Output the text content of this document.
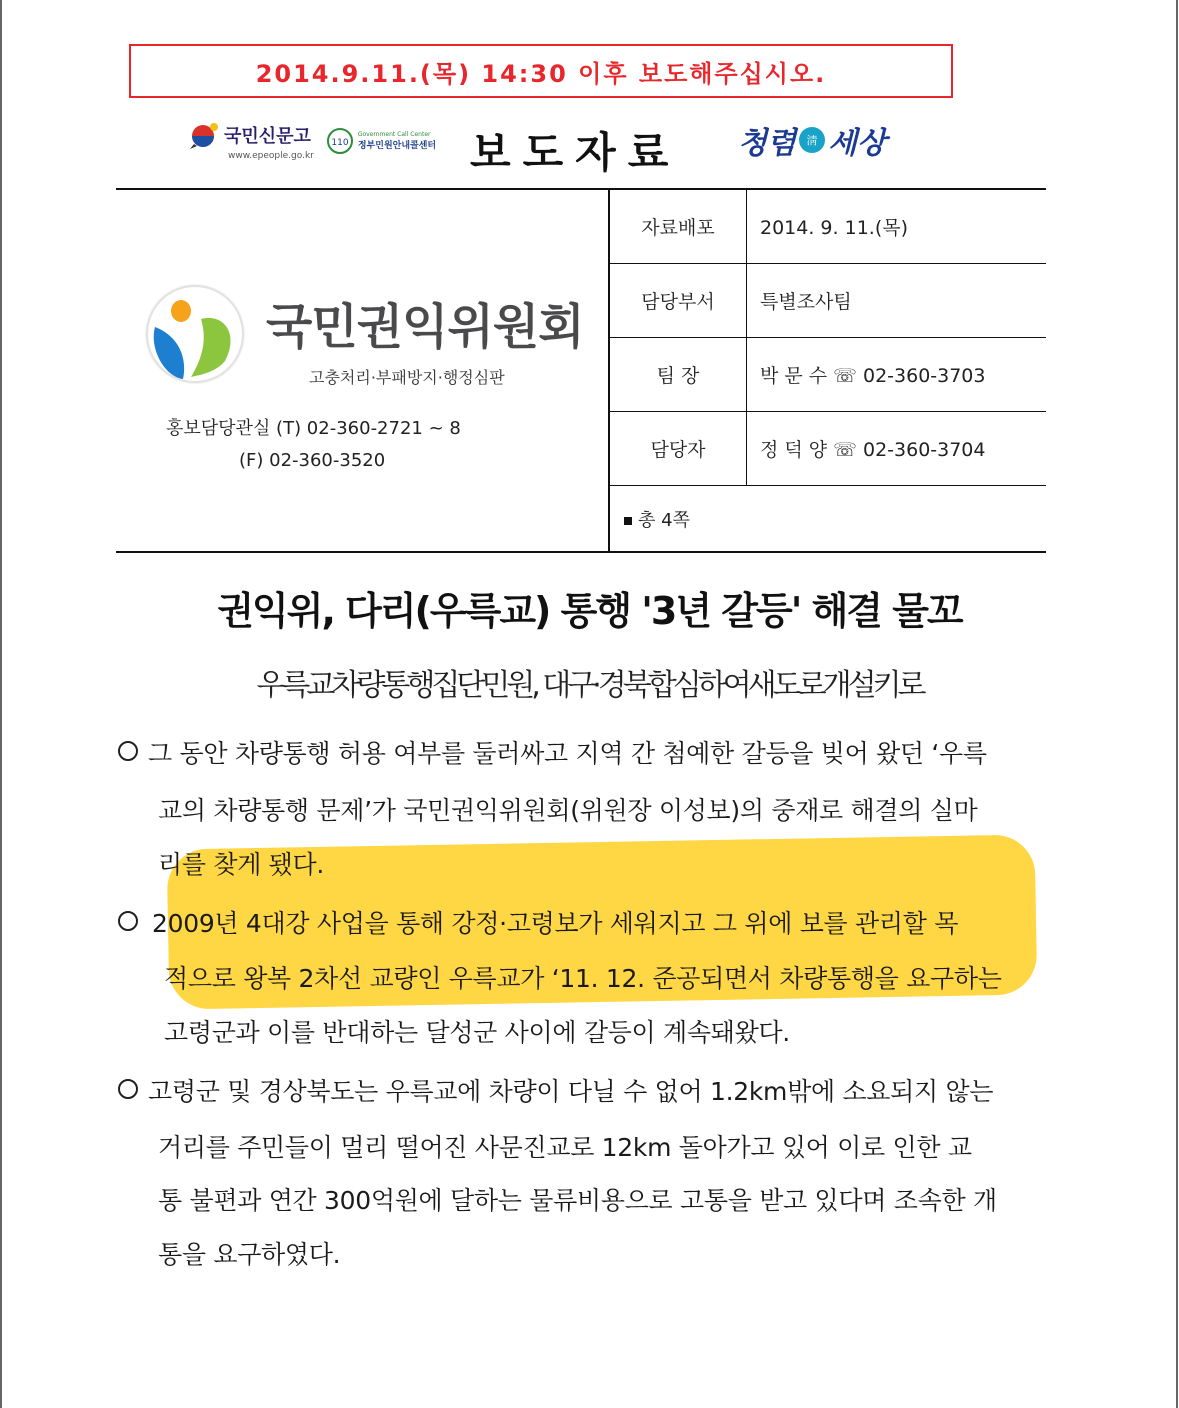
2014.9.11.(목) 14:30 이후 보도해주십시오.
국민신문고
www.epeople.go.kr
110
Government Call Center
정부민원안내콜센터 보도자료 청렴 淸 세상
국민권익위원회
고충처리·부패방지·행정심판
홍보담당관실 (T) 02-360-2721 ~ 8
(F) 02-360-3520
자료배포	2014. 9. 11.(목)
담당부서	특별조사팀
팀 장	박 문 수 ☏ 02-360-3703
담당자	정 덕 양 ☏ 02-360-3704
총 4쪽
권익위, 다리(우륵교) 통행 '3년 갈등' 해결 물꼬
우륵교차량통행집단민원, 대구·경북합심하여새도로개설키로
그 동안 차량통행 허용 여부를 둘러싸고 지역 간 첨예한 갈등을 빚어 왔던 ‘우륵
교의 차량통행 문제’가 국민권익위원회(위원장 이성보)의 중재로 해결의 실마
리를 찾게 됐다.
2009년 4대강 사업을 통해 강정·고령보가 세워지고 그 위에 보를 관리할 목
적으로 왕복 2차선 교량인 우륵교가 ‘11. 12. 준공되면서 차량통행을 요구하는
고령군과 이를 반대하는 달성군 사이에 갈등이 계속돼왔다.
고령군 및 경상북도는 우륵교에 차량이 다닐 수 없어 1.2km밖에 소요되지 않는
거리를 주민들이 멀리 떨어진 사문진교로 12km 돌아가고 있어 이로 인한 교
통 불편과 연간 300억원에 달하는 물류비용으로 고통을 받고 있다며 조속한 개
통을 요구하였다.
